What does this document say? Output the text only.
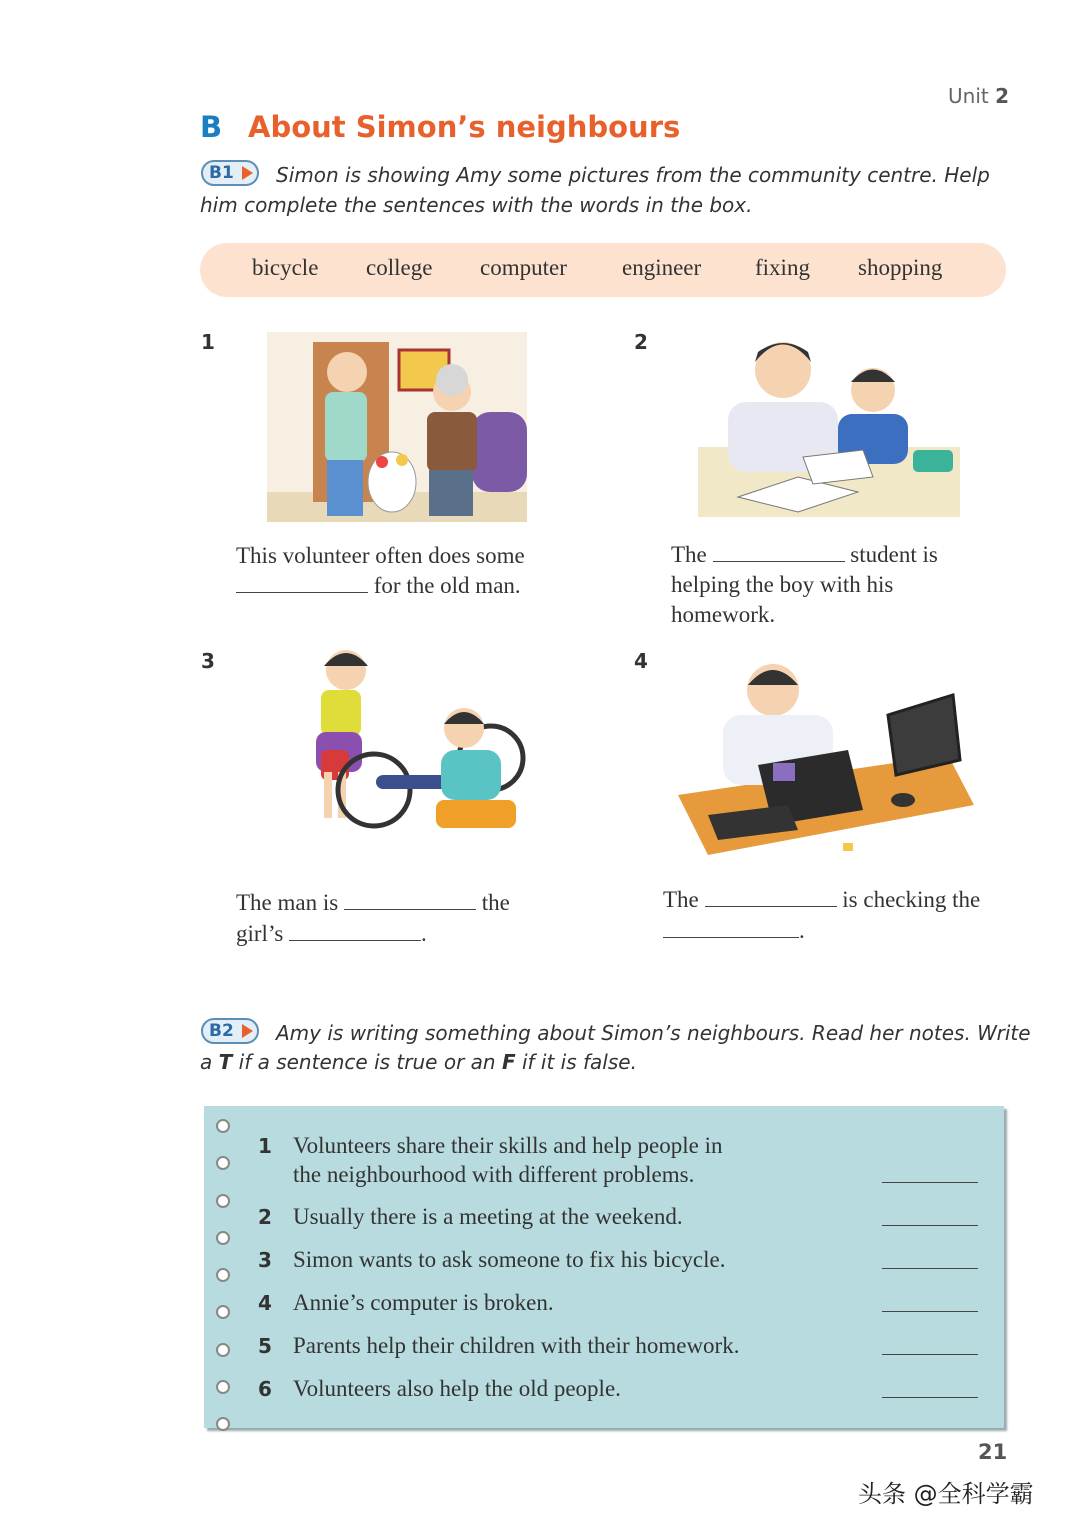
Unit 2
B About Simon’s neighbours
B1 Simon is showing Amy some pictures from the community centre. Help
him complete the sentences with the words in the box.
bicycle college computer engineer fixing shopping
1
This volunteer often does some
for the old man.
2
The	student is
helping the boy with his
homework.
3
The man is	the
girl’s	.
4
The	is checking the
.
B2 Amy is writing something about Simon’s neighbours. Read her notes. Write
a T if a sentence is true or an F if it is false.
1 Volunteers share their skills and help people in
the neighbourhood with different problems.
2 Usually there is a meeting at the weekend.
3 Simon wants to ask someone to fix his bicycle.
4 Annie’s computer is broken.
5 Parents help their children with their homework.
6 Volunteers also help the old people.
21
头条 @全科学霸
